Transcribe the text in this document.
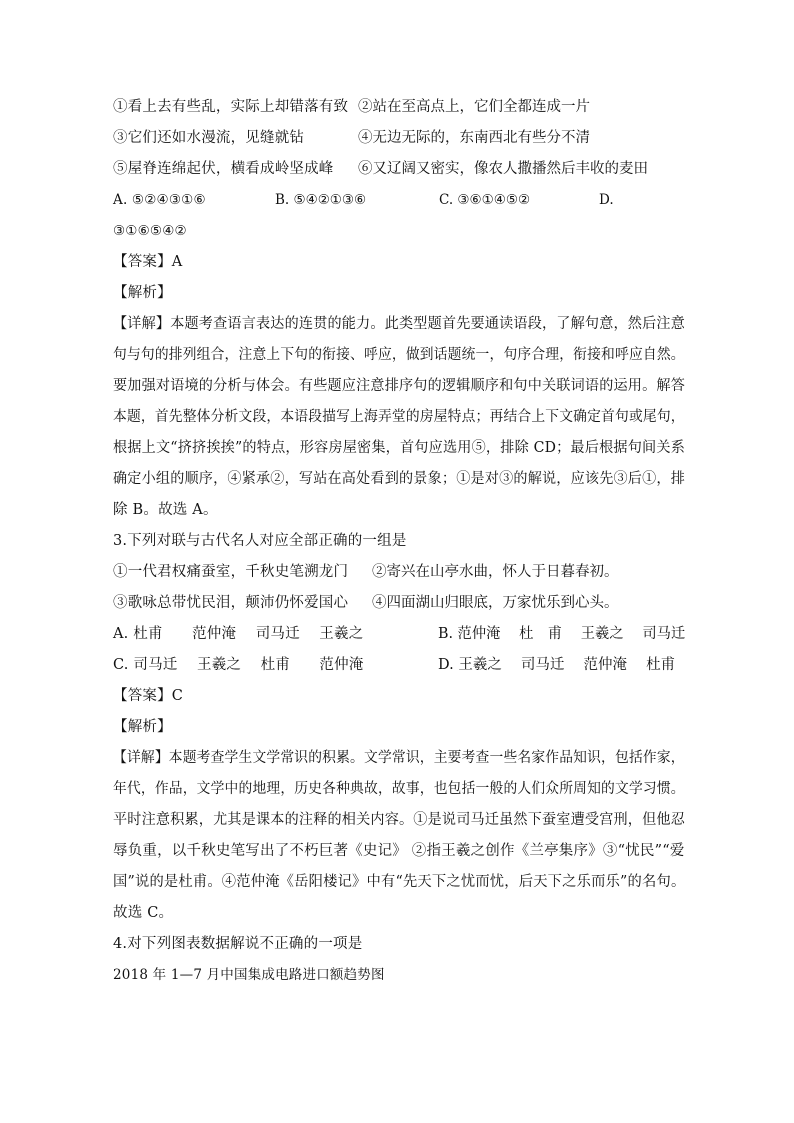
①看上去有些乱，实际上却错落有致 ②站在至高点上，它们全都连成一片
③它们还如水漫流，见缝就钻	④无边无际的，东南西北有些分不清
⑤屋脊连绵起伏，横看成岭坚成峰 ⑥又辽阔又密实，像农人撒播然后丰收的麦田
A. ⑤②④③①⑥	B. ⑤④②①③⑥	C. ③⑥①④⑤②	D.
③①⑥⑤④②
【答案】A
【解析】
【详解】本题考查语言表达的连贯的能力。此类型题首先要通读语段，了解句意，然后注意
句与句的排列组合，注意上下句的衔接、呼应，做到话题统一，句序合理，衔接和呼应自然。
要加强对语境的分析与体会。有些题应注意排序句的逻辑顺序和句中关联词语的运用。解答
本题，首先整体分析文段，本语段描写上海弄堂的房屋特点；再结合上下文确定首句或尾句，
根据上文“挤挤挨挨”的特点，形容房屋密集，首句应选用⑤，排除 CD；最后根据句间关系
确定小组的顺序，④紧承②，写站在高处看到的景象；①是对③的解说，应该先③后①，排
除 B。故选 A。
3.下列对联与古代名人对应全部正确的一组是
①一代君权痛蚕室，千秋史笔溯龙门 ②寄兴在山亭水曲，怀人于日暮春初。
③歌咏总带忧民泪，颠沛仍怀爱国心 ④四面湖山归眼底，万家忧乐到心头。
A. 杜甫　　范仲淹　 司马迁　 王羲之	B. 范仲淹　 杜　甫　 王羲之　 司马迁
C. 司马迁　 王羲之　 杜甫　　范仲淹	D. 王羲之　 司马迁　 范仲淹　 杜甫
【答案】C
【解析】
【详解】本题考查学生文学常识的积累。文学常识，主要考查一些名家作品知识，包括作家，
年代，作品，文学中的地理，历史各种典故，故事，也包括一般的人们众所周知的文学习惯。
平时注意积累，尤其是课本的注释的相关内容。①是说司马迁虽然下蚕室遭受宫刑，但他忍
辱负重，以千秋史笔写出了不朽巨著《史记》 ②指王羲之创作《兰亭集序》③“忧民”“爱
国”说的是杜甫。④范仲淹《岳阳楼记》中有“先天下之忧而忧，后天下之乐而乐”的名句。
故选 C。
4.对下列图表数据解说不正确的一项是
2018 年 1—7 月中国集成电路进口额趋势图
